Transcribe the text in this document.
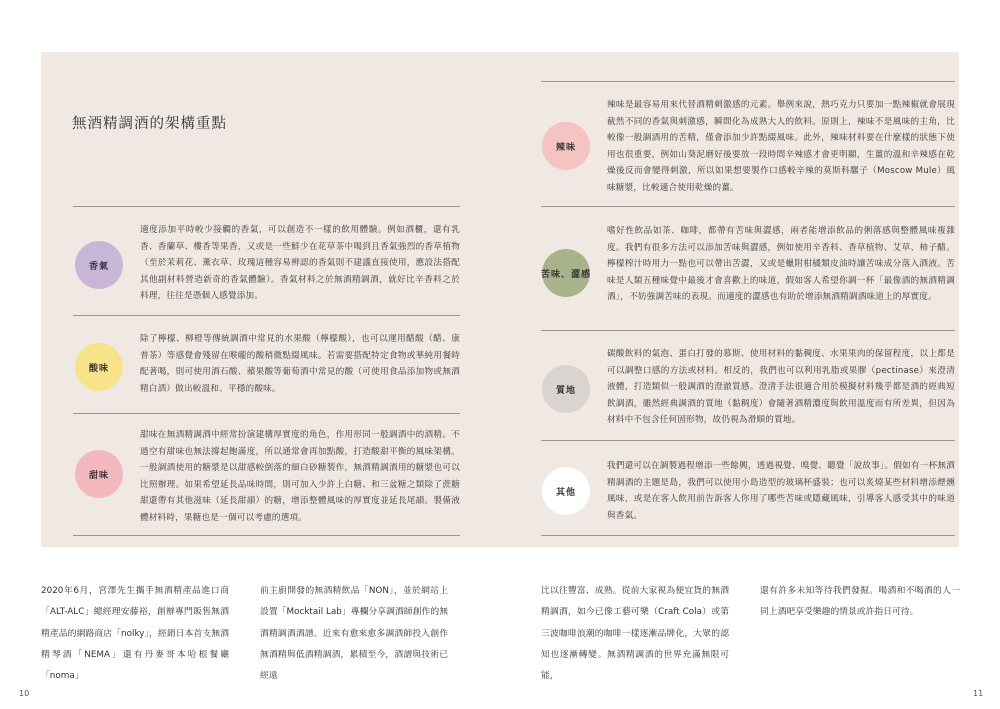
無酒精調酒的架構重點
香氣
適度添加平時較少接觸的香氣，可以創造不一樣的飲用體驗。例如酒櫃，還有乳香、香蘭草、樓香等果香，又或是一些鮮少在花草茶中喝到且香氣強烈的香草植物（至於茉莉花、薰衣草、玫瑰這種容易辨認的香氣則不建議直接使用，應設法搭配其他副材料營造新奇的香氣體驗）。香氣材料之於無酒精調酒，就好比辛香料之於料理，往往是憑個人感覺添加。
酸味
除了檸檬、柳橙等傳統調酒中常見的水果酸（檸檬酸），也可以運用醋酸（醋、康普茶）等感覺會殘留在喉嚨的酸稍微點綴風味。若需要搭配特定食物或華純用餐時配著喝，則可使用酒石酸、蘋果酸等葡萄酒中常見的酸（可使用食品添加物或無酒精白酒）做出較溫和、平穩的酸味。
甜味
甜味在無酒精調酒中經常扮演建構厚實度的角色，作用形同一般調酒中的酒精。不過空有甜味也無法撐起飽滿度，所以通常會再加點酸，打造酸甜平衡的風味架構。一般調酒使用的糖漿是以甜感較倒落的細白砂糖製作，無酒精調酒用的糖漿也可以比照辦理。如果希望延長品味時間，則可加入少許上白糖、和三盆糖之類除了蔗糖甜還帶有其他滋味（延長甜韻）的糖，增添整體風味的厚實度並延長尾韻。製備液體材料時，果糖也是一個可以考慮的選項。
辣味
辣味是最容易用來代替酒精刺激感的元素。舉例來說，熱巧克力只要加一點辣椒就會展現截然不同的香氣與刺激感，瞬間化為成熟大人的飲料。原則上，辣味不是風味的主角，比較像一般調酒用的苦精，僅會添加少許點綴風味。此外，辣味材料要在什麼樣的狀態下使用也很重要，例如山葵泥磨好後要放一段時間辛辣感才會更明顯，生薑的溫和辛辣感在乾燥後反而會變得刺激，所以如果想要製作口感較辛辣的莫斯科騾子（Moscow Mule）風味糖漿，比較適合使用乾燥的薑。
苦味、澀感
嗜好性飲品如茶、咖啡，都帶有苦味與澀感，兩者能增添飲品的俐落感與整體風味複雜度。我們有很多方法可以添加苦味與澀感，例如使用辛香料、香草植物、艾草、柿子醋。檸檬榨汁時用力一點也可以帶出苦澀，又或是蠟附柑橘類皮油時讓苦味成分落入酒液。苦味是人類五種味覺中最後才會喜歡上的味道，假如客人希望你調一杯「最像酒的無酒精調酒」，不妨強調苦味的表現。而適度的澀感也有助於增添無酒精調酒味道上的厚實度。
質地
碳酸飲料的氣泡、蛋白打發的慕斯、使用材料的黏稠度、水果果肉的保留程度，以上都是可以調整口感的方法或材料。相反的，我們也可以利用乳脂或果膠（pectinase）來澄清液體，打造類似一般調酒的澄澈質感。澄清手法很適合用於模擬材料幾乎都是酒的經典短飲調酒，雖然經典調酒的質地（黏稠度）會隨著酒精濃度與飲用溫度而有所差異，但因為材料中不包含任何固形物，故仍視為滑順的質地。
其他
我們還可以在調製過程增添一些餘興，透過視覺、嗅覺、聽覺「說故事」。假如有一杯無酒精調酒的主題是島，我們可以使用小島造型的玻璃杯盛裝；也可以炙燒某些材料增添煙燻風味，或是在客人飲用前告訴客人你用了哪些苦味或隱藏風味，引導客人感受其中的味道與香氣。
2020年6月，宮澤先生攜手無酒精產品進口商「ALT-ALC」總經理安藤裕，創辦專門販售無酒精產品的網路商店「nolky」，經銷日本首支無酒精琴酒「NEMA」還有丹麥哥本哈根餐廳「noma」
前主廚開發的無酒精飲品「NON」，並於網站上設置「Mocktail Lab」專欄分享調酒師創作的無酒精調酒酒譜。近來有愈來愈多調酒師投入創作無酒精與低酒精調酒，累積至今，酒譜與技術已經遠
比以往豐富、成熟。從前大家視為便宜貨的無酒精調酒，如今已像工藝可樂（Craft Cola）或第三波咖啡浪潮的咖啡一樣逐漸品牌化，大眾的認知也逐漸轉變。無酒精調酒的世界充滿無限可能，
還有許多未知等待我們發掘。喝酒和不喝酒的人一同上酒吧享受樂趣的情景或許指日可待。
10	11
